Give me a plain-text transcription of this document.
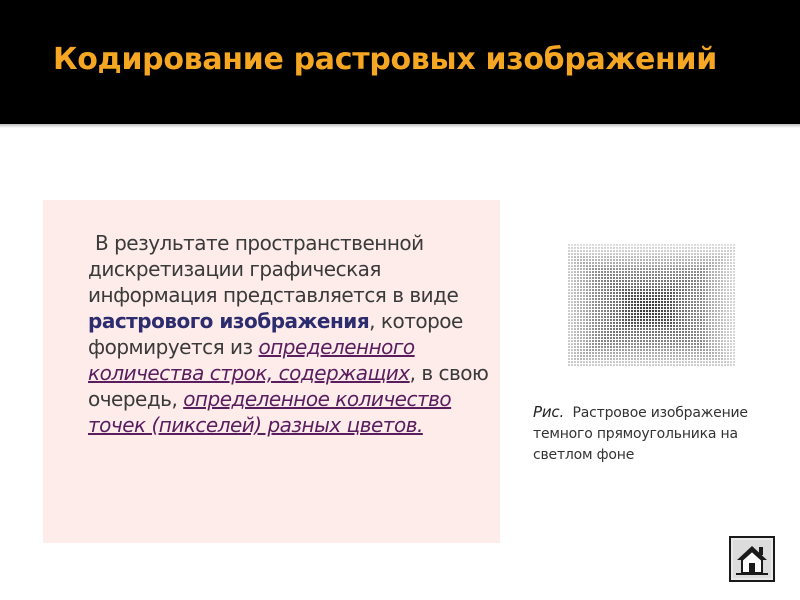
Кодирование растровых изображений
В результате пространственной дискретизации графическая информация представляется в виде растрового изображения, которое формируется из определенного количества строк, содержащих, в свою очередь, определенное количество точек (пикселей) разных цветов.
Рис. Растровое изображение темного прямоугольника на светлом фоне
